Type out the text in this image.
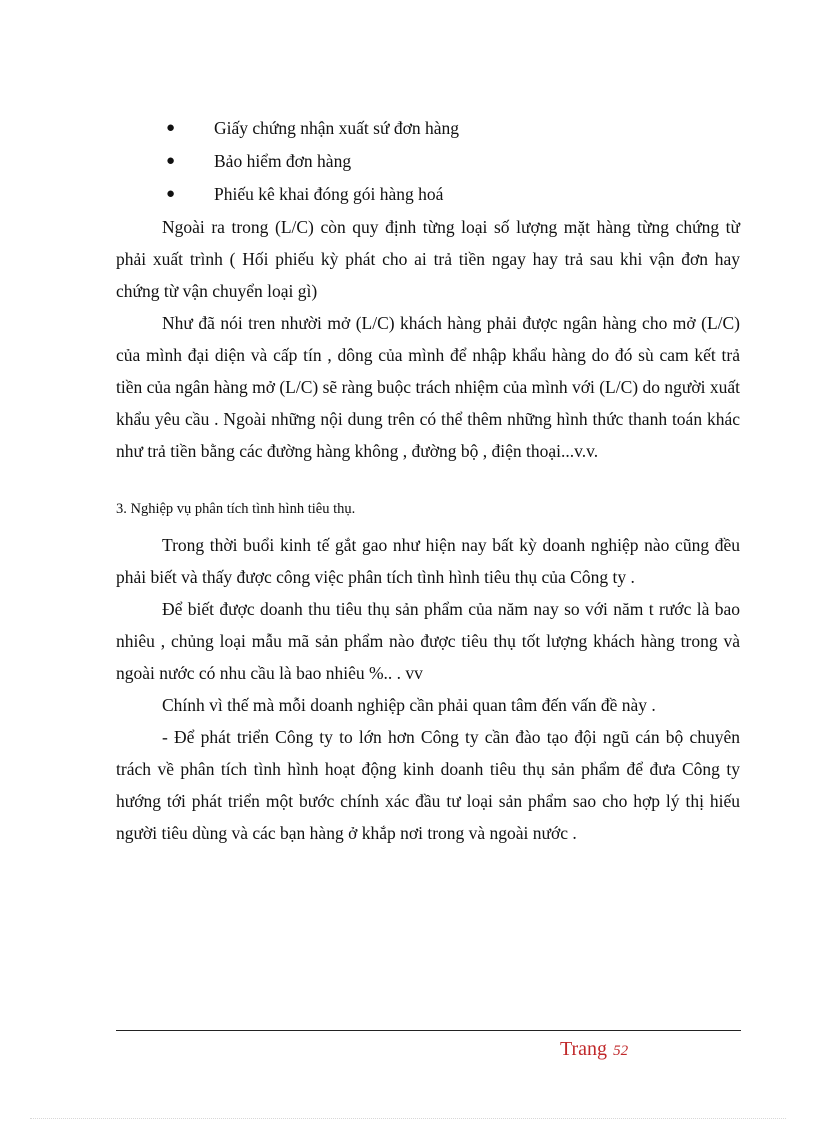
● Giấy chứng nhận xuất sứ đơn hàng
● Bảo hiểm đơn hàng
● Phiếu kê khai đóng gói hàng hoá

Ngoài ra trong (L/C) còn quy định từng loại số lượng mặt hàng từng chứng từ phải xuất trình ( Hối phiếu kỳ phát cho ai trả tiền ngay hay trả sau khi vận đơn hay chứng từ vận chuyển loại gì)

Như đã nói tren nhười mở (L/C) khách hàng phải được ngân hàng cho mở (L/C) của mình đại diện và cấp tín , dông của mình để nhập khẩu hàng do đó sù cam kết trả tiền của ngân hàng mở (L/C) sẽ ràng buộc trách nhiệm của mình với (L/C) do người xuất khẩu yêu cầu . Ngoài những nội dung trên có thể thêm những hình thức thanh toán khác như trả tiền bằng các đường hàng không , đường bộ , điện thoại...v.v.

3. Nghiệp vụ phân tích tình hình tiêu thụ.

Trong thời buổi kinh tế gắt gao như hiện nay bất kỳ doanh nghiệp nào cũng đều phải biết và thấy được công việc phân tích tình hình tiêu thụ của Công ty .

Để biết được doanh thu tiêu thụ sản phẩm của năm nay so với năm t rước là bao nhiêu , chủng loại mẫu mã sản phẩm nào được tiêu thụ tốt lượng khách hàng trong và ngoài nước có nhu cầu là bao nhiêu %.. . vv

Chính vì thế mà mỗi doanh nghiệp cần phải quan tâm đến vấn đề này .

- Để phát triển Công ty to lớn hơn Công ty cần đào tạo đội ngũ cán bộ chuyên trách về phân tích tình hình hoạt động kinh doanh tiêu thụ sản phẩm để đưa Công ty hướng tới phát triển một bước chính xác đầu tư loại sản phẩm sao cho hợp lý thị hiếu người tiêu dùng và các bạn hàng ở khắp nơi trong và ngoài nước .

Trang 52
